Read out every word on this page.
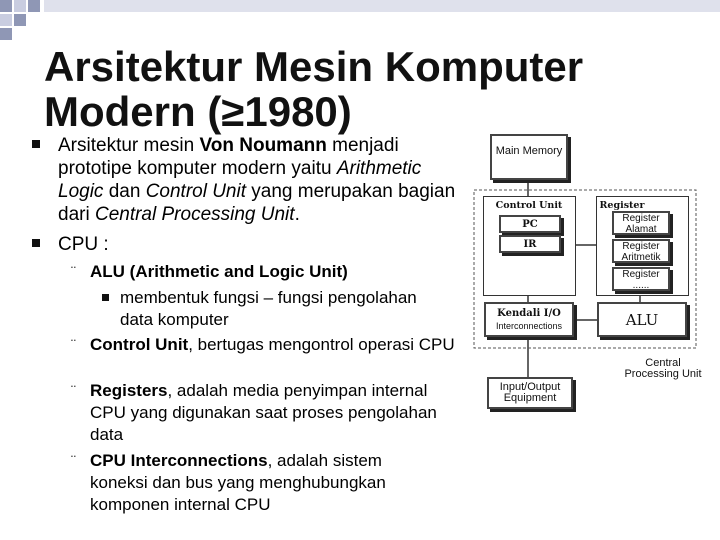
Arsitektur Mesin Komputer Modern (≥1980)
Arsitektur mesin Von Noumann menjadi prototipe komputer modern yaitu Arithmetic Logic dan Control Unit yang merupakan bagian dari Central Processing Unit.
CPU :
¨ ALU (Arithmetic and Logic Unit)
membentuk fungsi – fungsi pengolahan data komputer
¨ Control Unit, bertugas mengontrol operasi CPU
¨ Registers, adalah media penyimpan internal CPU yang digunakan saat proses pengolahan data
¨ CPU Interconnections, adalah sistem koneksi dan bus yang menghubungkan komponen internal CPU
Main Memory
Control Unit
PC
IR
Register
Register Alamat
Register Aritmetik
Register ......
Kendali I/O
Interconnections	ALU
Central Processing Unit
Input/Output Equipment
